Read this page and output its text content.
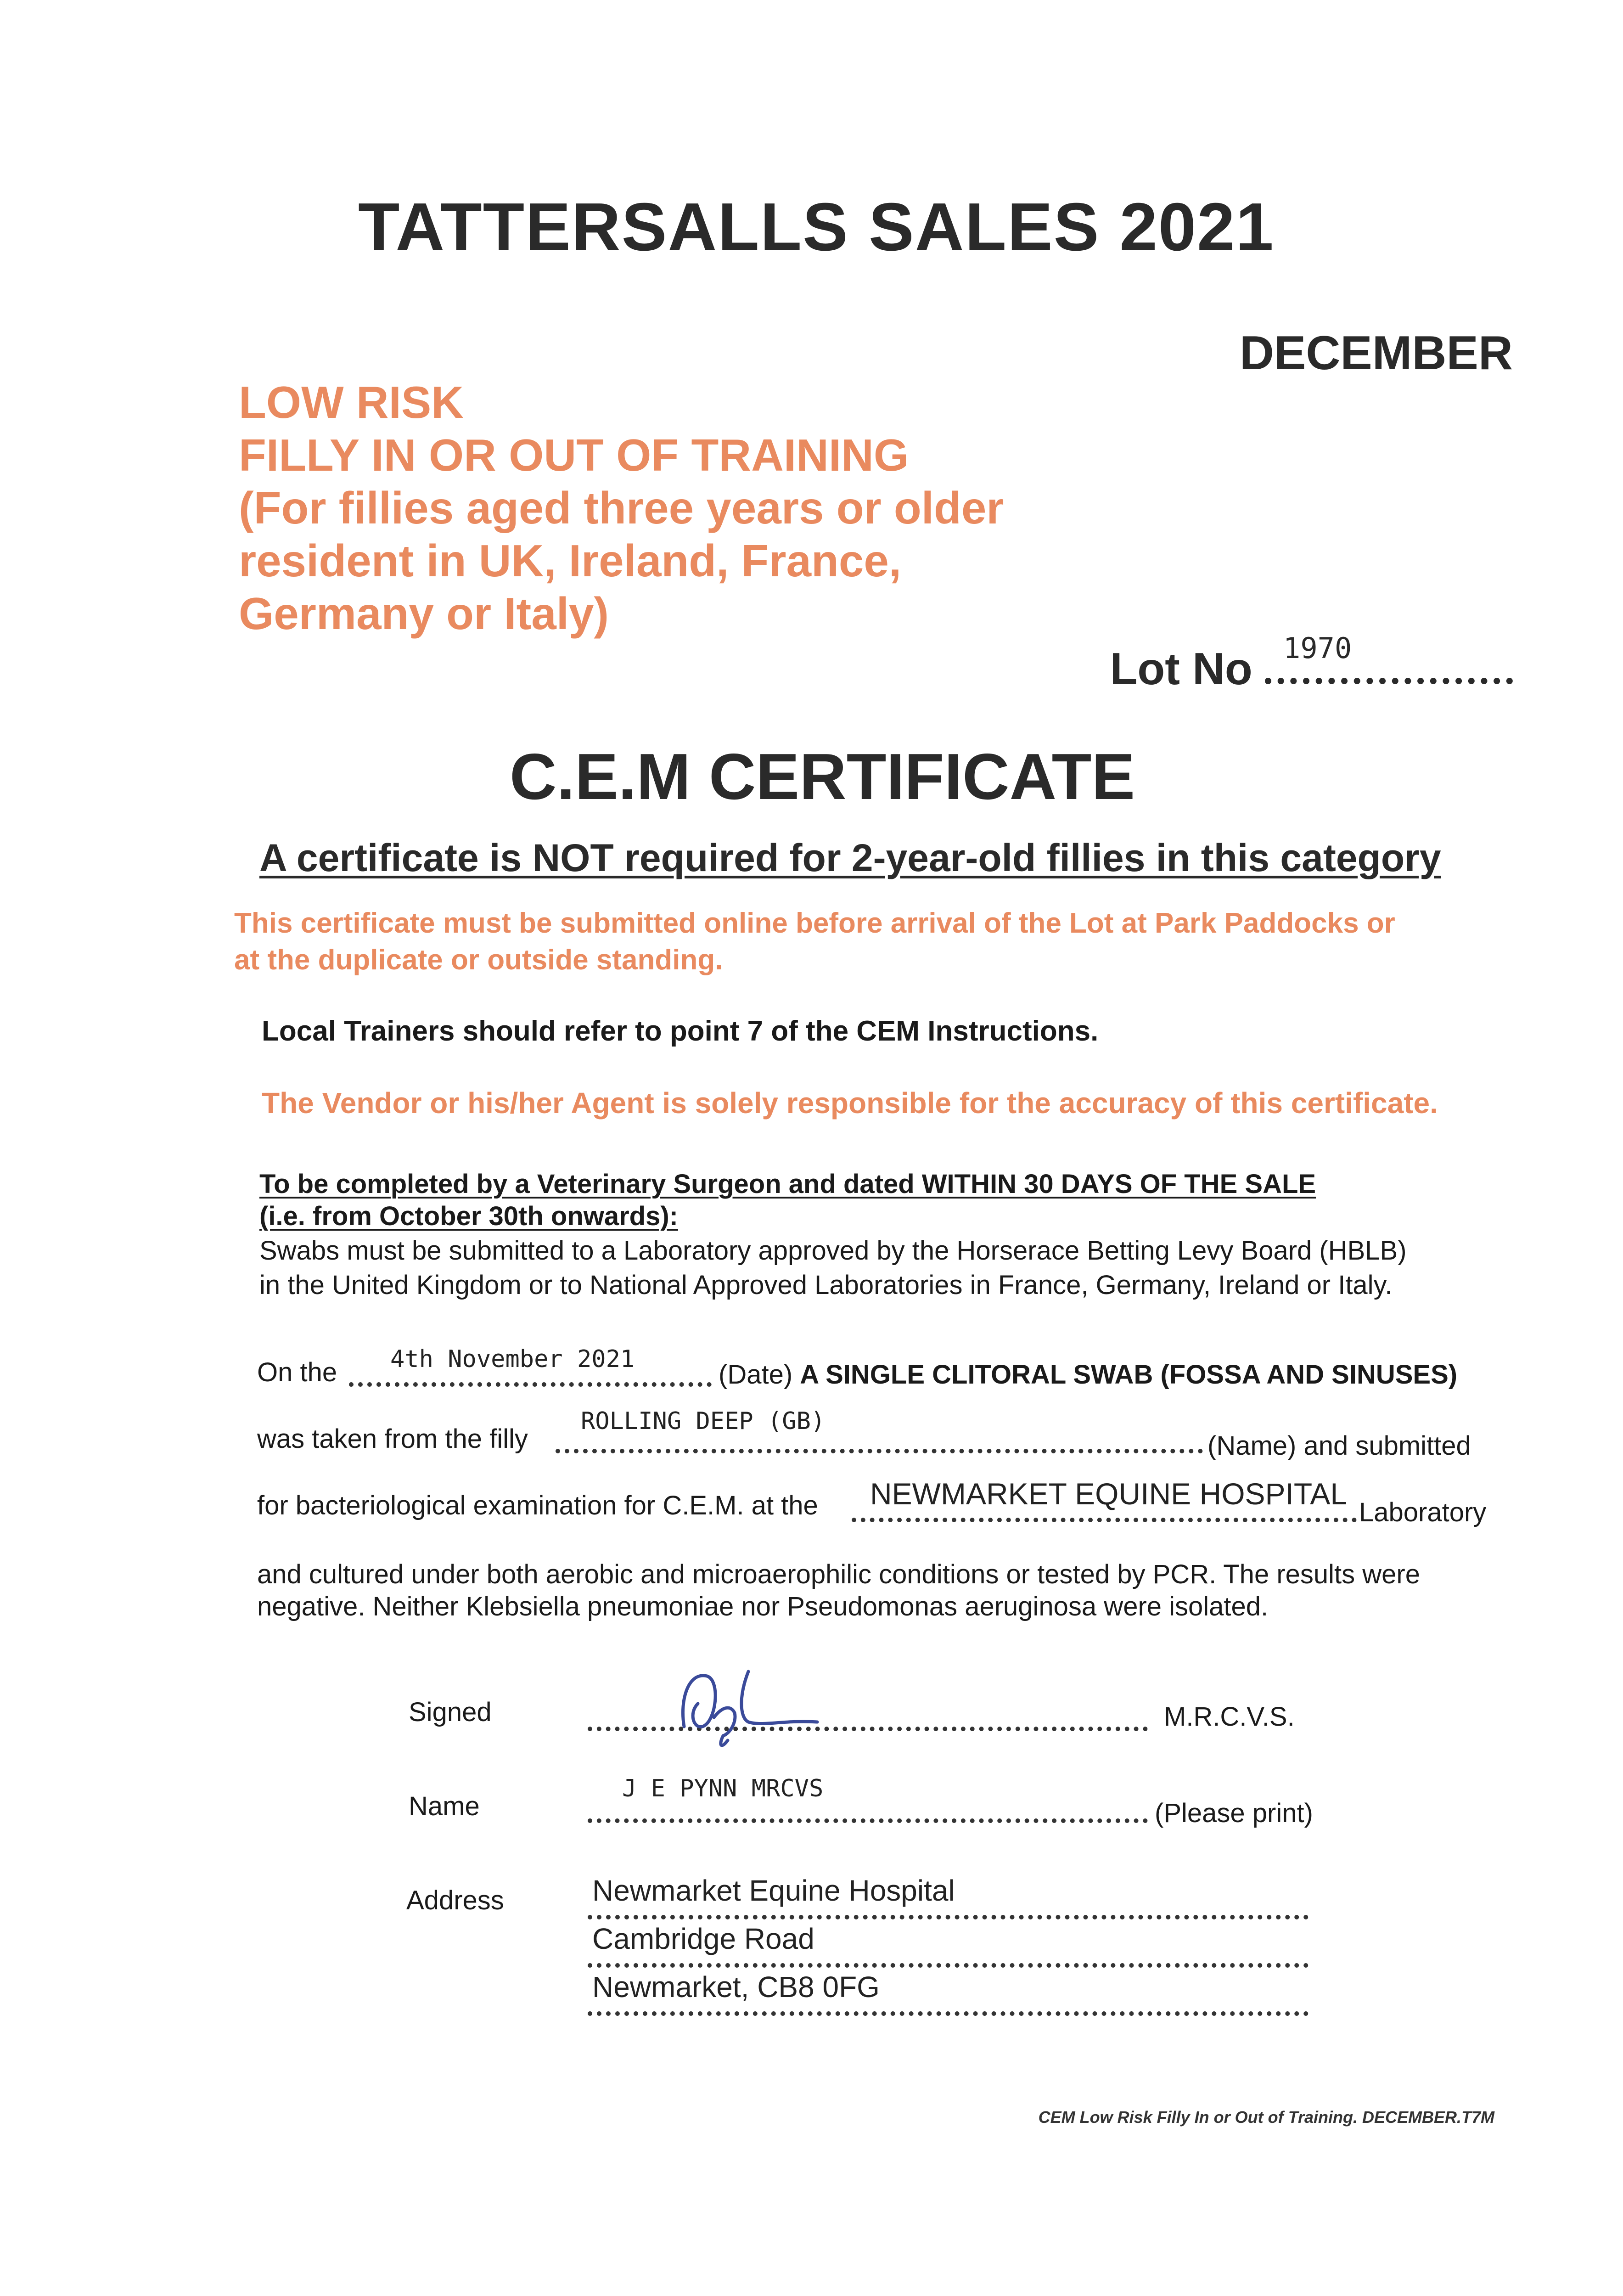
TATTERSALLS SALES 2021
DECEMBER
LOW RISK
FILLY IN OR OUT OF TRAINING
(For fillies aged three years or older
resident in UK, Ireland, France,
Germany or Italy)
Lot No 1970
C.E.M CERTIFICATE
A certificate is NOT required for 2-year-old fillies in this category
This certificate must be submitted online before arrival of the Lot at Park Paddocks or
at the duplicate or outside standing.
Local Trainers should refer to point 7 of the CEM Instructions.
The Vendor or his/her Agent is solely responsible for the accuracy of this certificate.
To be completed by a Veterinary Surgeon and dated WITHIN 30 DAYS OF THE SALE
(i.e. from October 30th onwards):
Swabs must be submitted to a Laboratory approved by the Horserace Betting Levy Board (HBLB)
in the United Kingdom or to National Approved Laboratories in France, Germany, Ireland or Italy.
On the 4th November 2021
(Date) A SINGLE CLITORAL SWAB (FOSSA AND SINUSES)
was taken from the filly
ROLLING DEEP (GB)
(Name) and submitted
for bacteriological examination for C.E.M. at the NEWMARKET EQUINE HOSPITAL
Laboratory
and cultured under both aerobic and microaerophilic conditions or tested by PCR. The results were
negative. Neither Klebsiella pneumoniae nor Pseudomonas aeruginosa were isolated.
Signed	M.R.C.V.S.
Name
J E PYNN MRCVS
(Please print)
Address	Newmarket Equine Hospital
Cambridge Road
Newmarket, CB8 0FG
CEM Low Risk Filly In or Out of Training. DECEMBER.T7M
